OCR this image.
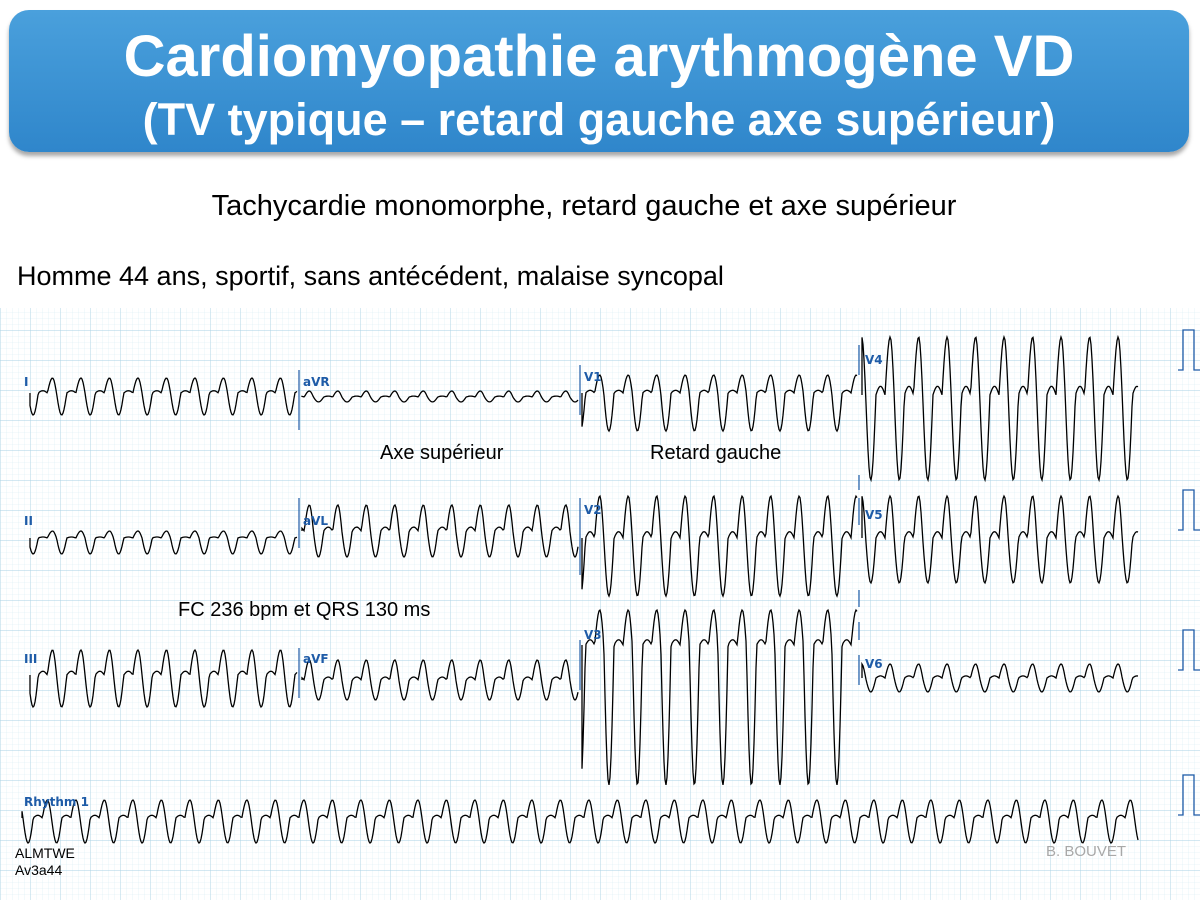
Cardiomyopathie arythmogène VD
(TV typique – retard gauche axe supérieur)
Tachycardie monomorphe, retard gauche et axe supérieur
Homme 44 ans, sportif, sans antécédent, malaise syncopal
I	aVR	V1
V4
II	aVL
V2	V5
III	aVF
V3
V6
Rhythm 1
Axe supérieur	Retard gauche
FC 236 bpm et QRS 130 ms
ALMTWE
Av3a44
B. BOUVET
